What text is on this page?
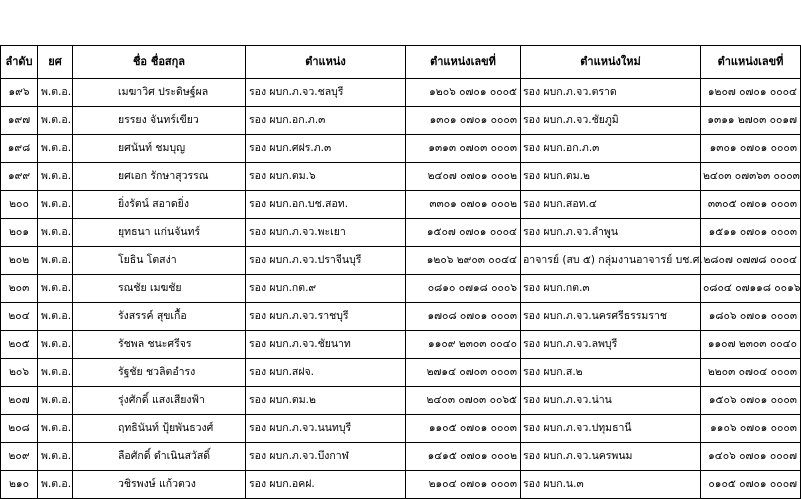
ลำดับ	ยศ	ชื่อ ชื่อสกุล	ตำแหน่ง	ตำแหน่งเลขที่	ตำแหน่งใหม่	ตำแหน่งเลขที่
๑๙๖	พ.ต.อ.	เมฆาวิศ ประดิษฐ์ผล	รอง ผบก.ภ.จว.ชลบุรี	๑๒๐๖ ๐๗๐๑ ๐๐๐๕	รอง ผบก.ภ.จว.ตราด	๑๒๐๗ ๐๗๐๑ ๐๐๐๔
๑๙๗	พ.ต.อ.	ยรรยง จันทร์เขียว	รอง ผบก.อก.ภ.๓	๑๓๐๑ ๐๗๐๑ ๐๐๐๓	รอง ผบก.ภ.จว.ชัยภูมิ	๑๓๑๑ ๒๗๐๓ ๐๐๑๗
๑๙๘	พ.ต.อ.	ยศนันท์ ชมบุญ	รอง ผบก.ศฝร.ภ.๓	๑๓๑๓ ๐๗๐๓ ๐๐๐๓	รอง ผบก.อก.ภ.๓	๑๓๐๑ ๐๗๐๑ ๐๐๐๓
๑๙๙	พ.ต.อ.	ยศเอก รักษาสุวรรณ	รอง ผบก.ตม.๖	๒๔๐๗ ๐๗๐๑ ๐๐๐๒	รอง ผบก.ตม.๒	๒๔๐๓ ๐๗๓๖๓ ๐๐๐๓
๒๐๐	พ.ต.อ.	ยิ่งรัตน์ สอาดยิ่ง	รอง ผบก.อก.บช.สอท.	๓๓๐๑ ๐๗๐๑ ๐๐๐๒	รอง ผบก.สอท.๔	๓๓๐๕ ๐๗๐๑ ๐๐๐๓
๒๐๑	พ.ต.อ.	ยุทธนา แก่นจันทร์	รอง ผบก.ภ.จว.พะเยา	๑๕๐๗ ๐๗๐๑ ๐๐๐๔	รอง ผบก.ภ.จว.ลำพูน	๑๕๑๑ ๐๗๐๑ ๐๐๐๓
๒๐๒	พ.ต.อ.	โยธิน โตสง่า	รอง ผบก.ภ.จว.ปราจีนบุรี	๑๒๐๖ ๒๙๐๓ ๐๐๔๔	อาจารย์ (สบ ๕) กลุ่มงานอาจารย์ บช.ศ.	๒๘๐๗ ๐๗๗๘ ๐๐๐๔
๒๐๓	พ.ต.อ.	รณชัย เมฆชัย	รอง ผบก.กต.๙	๐๘๑๐ ๐๗๑๘ ๐๐๐๖	รอง ผบก.กต.๓	๐๘๐๔ ๐๗๑๑๘ ๐๐๑๖
๒๐๔	พ.ต.อ.	รังสรรค์ สุขเกื้อ	รอง ผบก.ภ.จว.ราชบุรี	๑๗๐๘ ๐๗๐๑ ๐๐๐๓	รอง ผบก.ภ.จว.นครศรีธรรมราช	๑๘๐๖ ๐๗๐๑ ๐๐๐๓
๒๐๕	พ.ต.อ.	รัชพล ชนะศรีจร	รอง ผบก.ภ.จว.ชัยนาท	๑๑๐๙ ๒๓๐๓ ๐๐๔๐	รอง ผบก.ภ.จว.ลพบุรี	๑๑๐๗ ๒๓๐๓ ๐๐๔๐
๒๐๖	พ.ต.อ.	รัฐชัย ชวลิตอำรง	รอง ผบก.สฝจ.	๒๗๑๔ ๐๗๐๓ ๐๐๐๓	รอง ผบก.ส.๒	๒๒๐๓ ๐๗๐๔ ๐๐๐๓
๒๐๗	พ.ต.อ.	รุ่งศักดิ์ แสงเสียงฟ้า	รอง ผบก.ตม.๒	๒๔๐๓ ๐๗๐๓ ๐๐๖๕	รอง ผบก.ภ.จว.น่าน	๑๕๐๖ ๐๗๐๑ ๐๐๐๓
๒๐๘	พ.ต.อ.	ฤทธินันท์ ปุ้ยพันธวงศ์	รอง ผบก.ภ.จว.นนทบุรี	๑๑๐๕ ๐๗๐๑ ๐๐๐๓	รอง ผบก.ภ.จว.ปทุมธานี	๑๑๐๖ ๐๗๐๑ ๐๐๐๓
๒๐๙	พ.ต.อ.	ลือศักดิ์ ดำเนินสวัสดิ์	รอง ผบก.ภ.จว.บึงกาฬ	๑๔๑๕ ๐๗๐๑ ๐๐๐๒	รอง ผบก.ภ.จว.นครพนม	๑๔๐๖ ๐๗๐๑ ๐๐๐๗
๒๑๐	พ.ต.อ.	วชิรพงษ์ แก้วตวง	รอง ผบก.อคฝ.	๒๑๐๔ ๐๗๐๑ ๐๐๐๓	รอง ผบก.น.๓	๐๑๐๕ ๐๗๐๑ ๐๐๐๗
